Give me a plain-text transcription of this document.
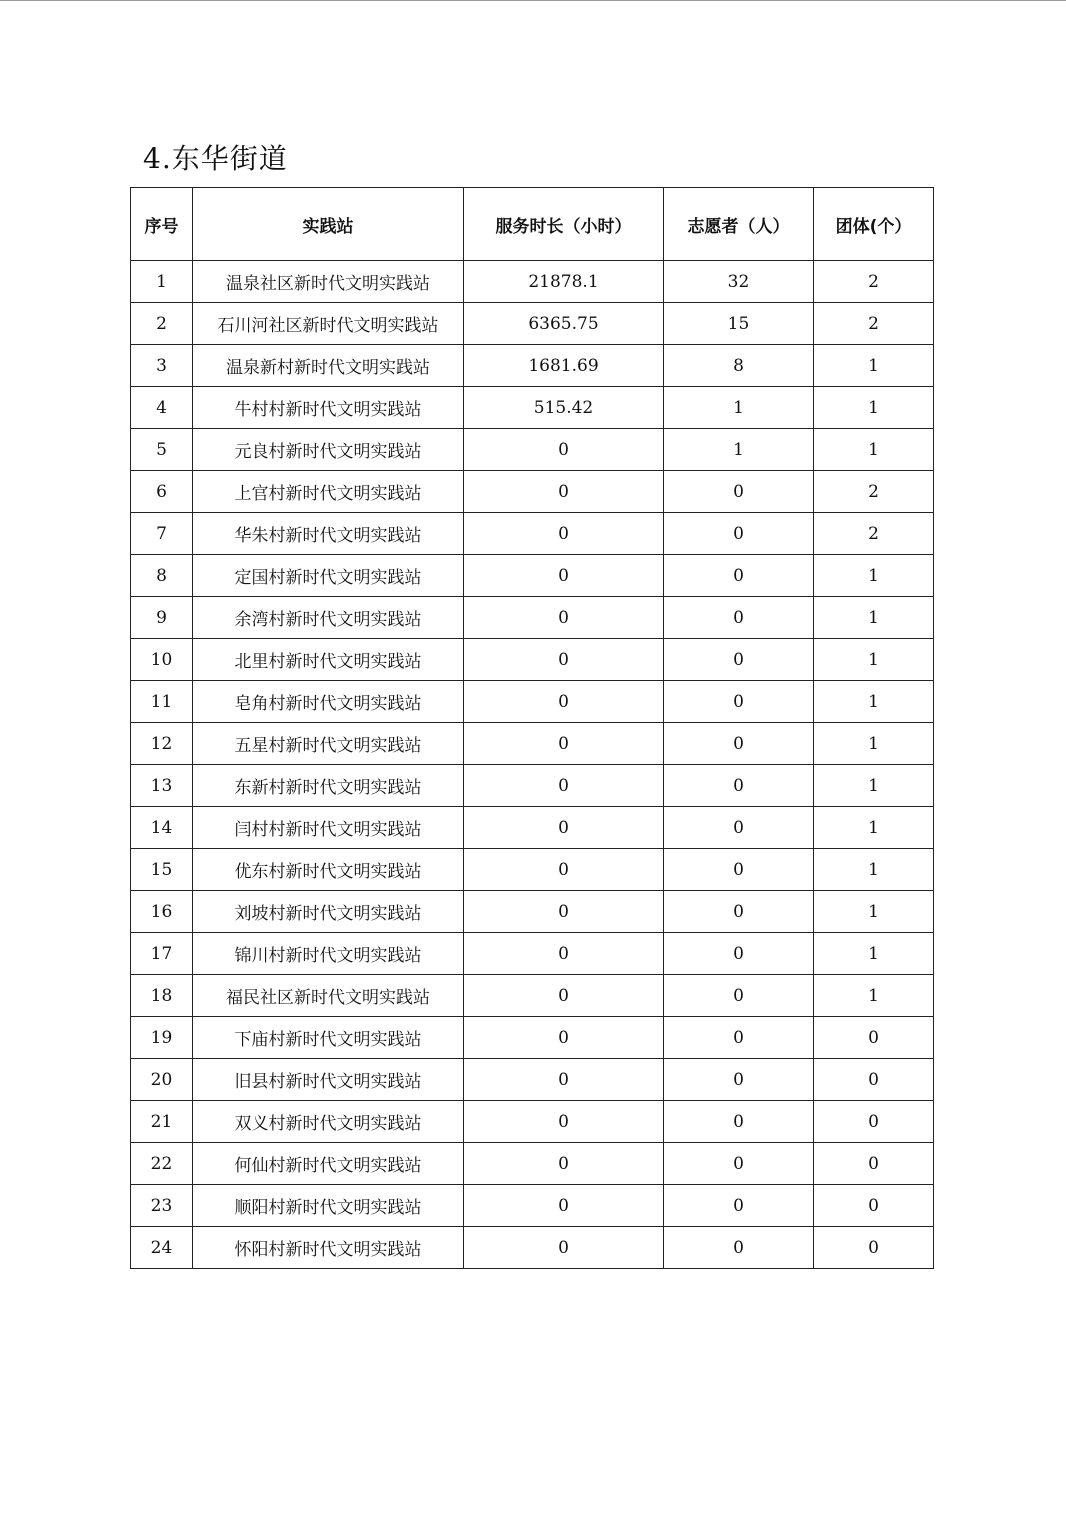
4.东华街道
序号	实践站	服务时长（小时）	志愿者（人）	团体(个）
1	温泉社区新时代文明实践站	21878.1	32	2
2	石川河社区新时代文明实践站	6365.75	15	2
3	温泉新村新时代文明实践站	1681.69	8	1
4	牛村村新时代文明实践站	515.42	1	1
5	元良村新时代文明实践站	0	1	1
6	上官村新时代文明实践站	0	0	2
7	华朱村新时代文明实践站	0	0	2
8	定国村新时代文明实践站	0	0	1
9	余湾村新时代文明实践站	0	0	1
10	北里村新时代文明实践站	0	0	1
11	皂角村新时代文明实践站	0	0	1
12	五星村新时代文明实践站	0	0	1
13	东新村新时代文明实践站	0	0	1
14	闫村村新时代文明实践站	0	0	1
15	优东村新时代文明实践站	0	0	1
16	刘坡村新时代文明实践站	0	0	1
17	锦川村新时代文明实践站	0	0	1
18	福民社区新时代文明实践站	0	0	1
19	下庙村新时代文明实践站	0	0	0
20	旧县村新时代文明实践站	0	0	0
21	双义村新时代文明实践站	0	0	0
22	何仙村新时代文明实践站	0	0	0
23	顺阳村新时代文明实践站	0	0	0
24	怀阳村新时代文明实践站	0	0	0
